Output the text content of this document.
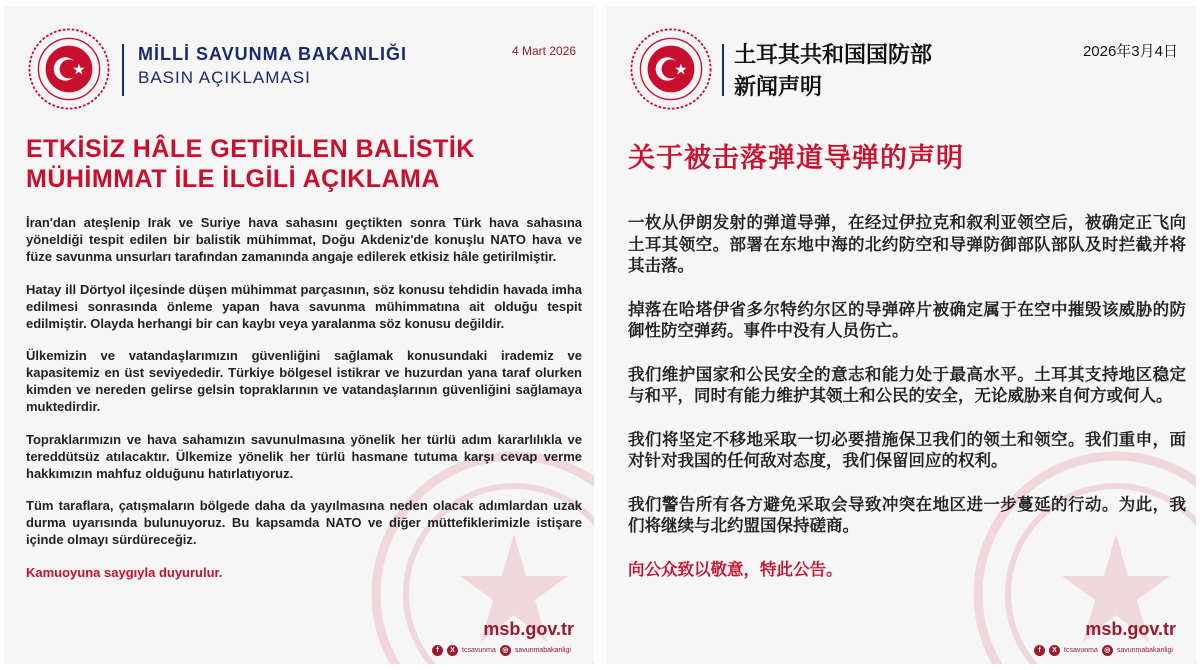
MİLLİ SAVUNMA BAKANLIĞI
BASIN AÇIKLAMASI
4 Mart 2026
ETKİSİZ HÂLE GETİRİLEN BALİSTİK MÜHİMMAT İLE İLGİLİ AÇIKLAMA

İran'dan ateşlenip Irak ve Suriye hava sahasını geçtikten sonra Türk hava sahasına yöneldiği tespit edilen bir balistik mühimmat, Doğu Akdeniz'de konuşlu NATO hava ve füze savunma unsurları tarafından zamanında angaje edilerek etkisiz hâle getirilmiştir.

Hatay ill Dörtyol ilçesinde düşen mühimmat parçasının, söz konusu tehdidin havada imha edilmesi sonrasında önleme yapan hava savunma mühimmatına ait olduğu tespit edilmiştir. Olayda herhangi bir can kaybı veya yaralanma söz konusu değildir.

Ülkemizin ve vatandaşlarımızın güvenliğini sağlamak konusundaki irademiz ve kapasitemiz en üst seviyededir. Türkiye bölgesel istikrar ve huzurdan yana taraf olurken kimden ve nereden gelirse gelsin topraklarının ve vatandaşlarının güvenliğini sağlamaya muktedirdir.

Topraklarımızın ve hava sahamızın savunulmasına yönelik her türlü adım kararlılıkla ve tereddütsüz atılacaktır. Ülkemize yönelik her türlü hasmane tutuma karşı cevap verme hakkımızın mahfuz olduğunu hatırlatıyoruz.

Tüm taraflara, çatışmaların bölgede daha da yayılmasına neden olacak adımlardan uzak durma uyarısında bulunuyoruz. Bu kapsamda NATO ve diğer müttefiklerimizle istişare içinde olmayı sürdüreceğiz.

Kamuoyuna saygıyla duyurulur.

msb.gov.tr
f	X	tcsavunma ◎ savunmabakanligi
土耳其共和国国防部
新闻声明
2026年3月4日
关于被击落弹道导弹的声明

一枚从伊朗发射的弹道导弹，在经过伊拉克和叙利亚领空后，被确定正飞向土耳其领空。部署在东地中海的北约防空和导弹防御部队部队及时拦截并将其击落。

掉落在哈塔伊省多尔特约尔区的导弹碎片被确定属于在空中摧毁该威胁的防御性防空弹药。事件中没有人员伤亡。

我们维护国家和公民安全的意志和能力处于最高水平。土耳其支持地区稳定与和平，同时有能力维护其领土和公民的安全，无论威胁来自何方或何人。

我们将坚定不移地采取一切必要措施保卫我们的领土和领空。我们重申，面对针对我国的任何敌对态度，我们保留回应的权利。

我们警告所有各方避免采取会导致冲突在地区进一步蔓延的行动。为此，我们将继续与北约盟国保持磋商。

向公众致以敬意，特此公告。

msb.gov.tr
f	X	tcsavunma ◎ savunmabakanligi
